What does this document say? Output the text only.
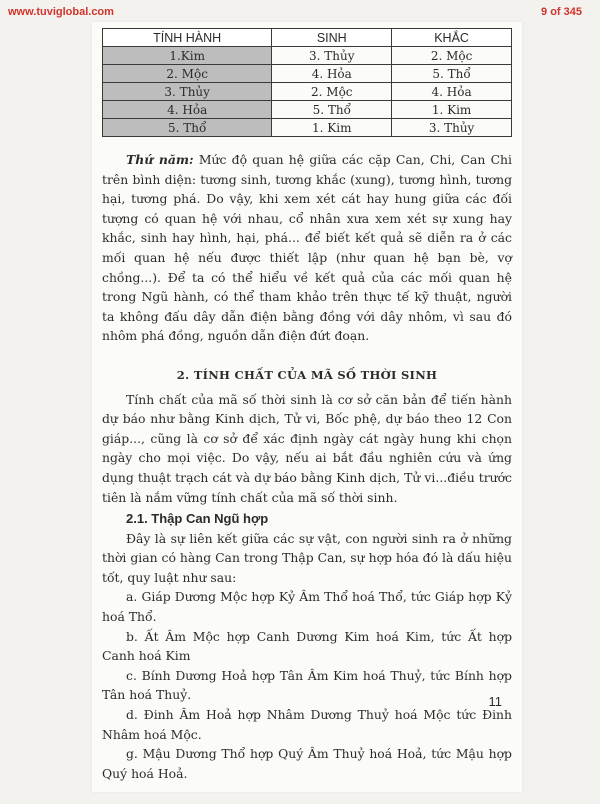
www.tuviglobal.com	9 of 345
TÍNH HÀNH	SINH	KHẮC
1.Kim	3. Thủy	2. Mộc
2. Mộc	4. Hỏa	5. Thổ
3. Thủy	2. Mộc	4. Hỏa
4. Hỏa	5. Thổ	1. Kim
5. Thổ	1. Kim	3. Thủy

Thứ năm: Mức độ quan hệ giữa các cặp Can, Chi, Can Chi trên bình diện: tương sinh, tương khắc (xung), tương hình, tương hại, tương phá. Do vậy, khi xem xét cát hay hung giữa các đối tượng có quan hệ với nhau, cổ nhân xưa xem xét sự xung hay khắc, sinh hay hình, hại, phá... để biết kết quả sẽ diễn ra ở các mối quan hệ nếu được thiết lập (như quan hệ bạn bè, vợ chồng...). Để ta có thể hiểu về kết quả của các mối quan hệ trong Ngũ hành, có thể tham khảo trên thực tế kỹ thuật, người ta không đấu dây dẫn điện bằng đồng với dây nhôm, vì sau đó nhôm phá đồng, nguồn dẫn điện đứt đoạn.

2. TÍNH CHẤT CỦA MÃ SỐ THỜI SINH

Tính chất của mã số thời sinh là cơ sở căn bản để tiến hành dự báo như bằng Kinh dịch, Tử vi, Bốc phệ, dự báo theo 12 Con giáp..., cũng là cơ sở để xác định ngày cát ngày hung khi chọn ngày cho mọi việc. Do vậy, nếu ai bắt đầu nghiên cứu và ứng dụng thuật trạch cát và dự báo bằng Kinh dịch, Tử vi...điều trước tiên là nắm vững tính chất của mã số thời sinh.

2.1. Thập Can Ngũ hợp

Đây là sự liên kết giữa các sự vật, con người sinh ra ở những thời gian có hàng Can trong Thập Can, sự hợp hóa đó là dấu hiệu tốt, quy luật như sau:

a. Giáp Dương Mộc hợp Kỷ Âm Thổ hoá Thổ, tức Giáp hợp Kỷ hoá Thổ.

b. Ất Âm Mộc hợp Canh Dương Kim hoá Kim, tức Ất hợp Canh hoá Kim

c. Bính Dương Hoả hợp Tân Âm Kim hoá Thuỷ, tức Bính hợp Tân hoá Thuỷ.

d. Đinh Âm Hoả hợp Nhâm Dương Thuỷ hoá Mộc tức Đinh Nhâm hoá Mộc.

g. Mậu Dương Thổ hợp Quý Âm Thuỷ hoá Hoả, tức Mậu hợp Quý hoá Hoả.

11
